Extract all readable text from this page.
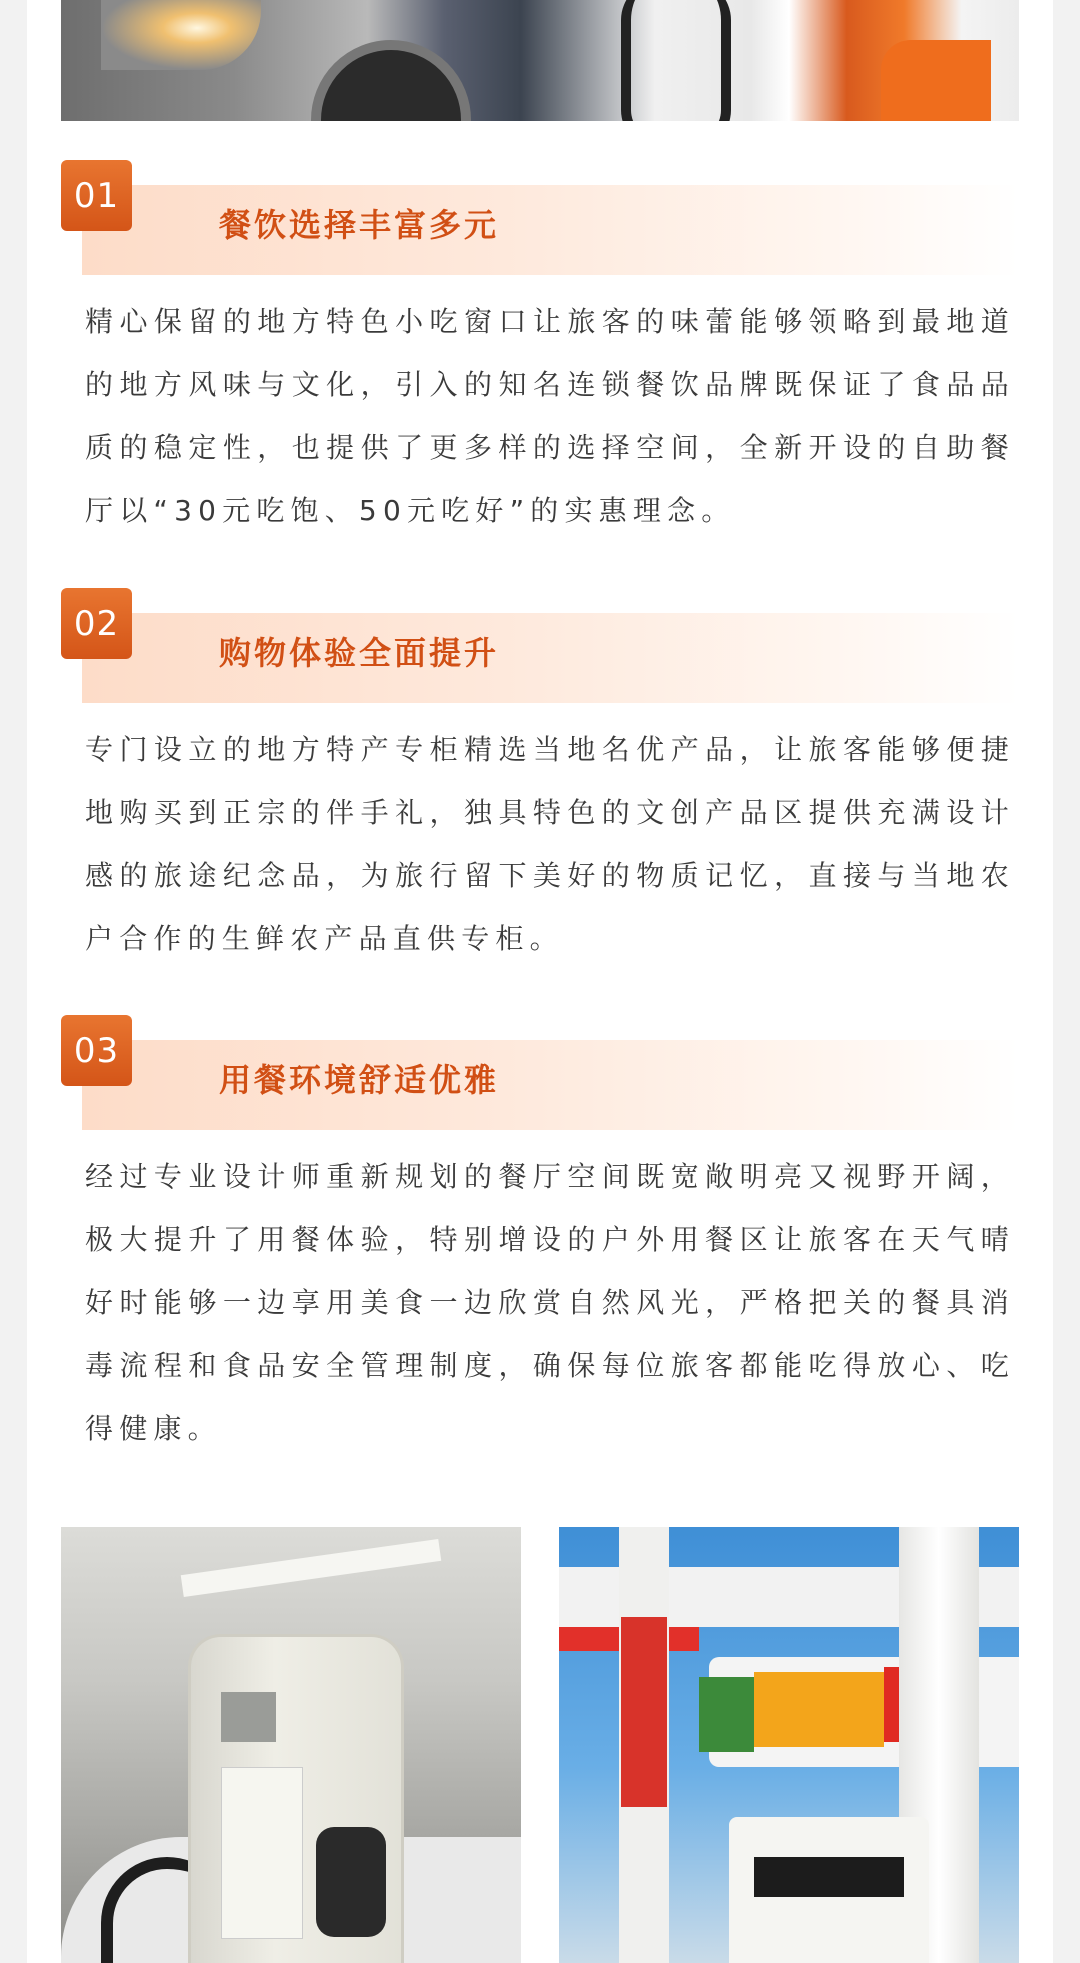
01
餐饮选择丰富多元

精心保留的地方特色小吃窗口让旅客的味蕾能够领略到最地道的地方风味与文化，引入的知名连锁餐饮品牌既保证了食品品质的稳定性，也提供了更多样的选择空间，全新开设的自助餐厅以“30元吃饱、50元吃好”的实惠理念。

02
购物体验全面提升

专门设立的地方特产专柜精选当地名优产品，让旅客能够便捷地购买到正宗的伴手礼，独具特色的文创产品区提供充满设计感的旅途纪念品，为旅行留下美好的物质记忆，直接与当地农户合作的生鲜农产品直供专柜。

03
用餐环境舒适优雅

经过专业设计师重新规划的餐厅空间既宽敞明亮又视野开阔，极大提升了用餐体验，特别增设的户外用餐区让旅客在天气晴好时能够一边享用美食一边欣赏自然风光，严格把关的餐具消毒流程和食品安全管理制度，确保每位旅客都能吃得放心、吃得健康。
